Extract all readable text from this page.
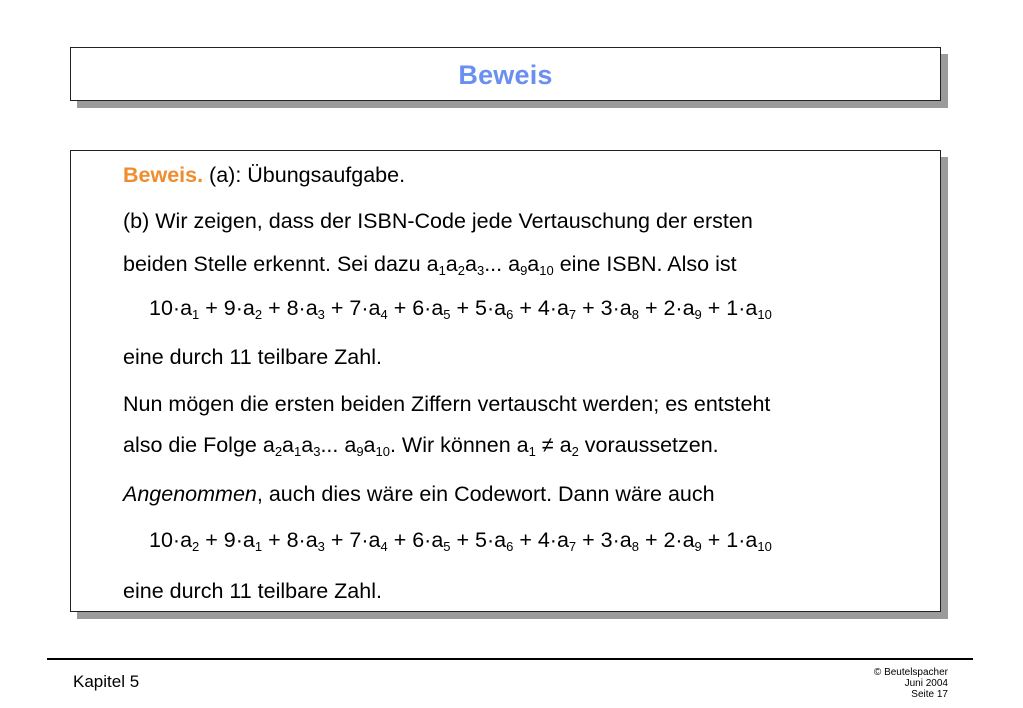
Beweis
Beweis. (a): Übungsaufgabe.
(b) Wir zeigen, dass der ISBN-Code jede Vertauschung der ersten
beiden Stelle erkennt. Sei dazu $a_1a_2a_3$... $a_9a_{10}$ eine ISBN. Also ist
$10\cdot a_1 + 9\cdot a_2 + 8\cdot a_3 + 7\cdot a_4 + 6\cdot a_5 + 5\cdot a_6 + 4\cdot a_7 + 3\cdot a_8 + 2\cdot a_9 + 1\cdot a_{10}$
eine durch 11 teilbare Zahl.
Nun mögen die ersten beiden Ziffern vertauscht werden; es entsteht
also die Folge $a_2a_1a_3$... $a_9a_{10}$. Wir können $a_1 \ne a_2$ voraussetzen.
Angenommen, auch dies wäre ein Codewort. Dann wäre auch
$10\cdot a_2 + 9\cdot a_1 + 8\cdot a_3 + 7\cdot a_4 + 6\cdot a_5 + 5\cdot a_6 + 4\cdot a_7 + 3\cdot a_8 + 2\cdot a_9 + 1\cdot a_{10}$
eine durch 11 teilbare Zahl.
Kapitel 5	© Beutelspacher
Juni 2004
Seite 17
